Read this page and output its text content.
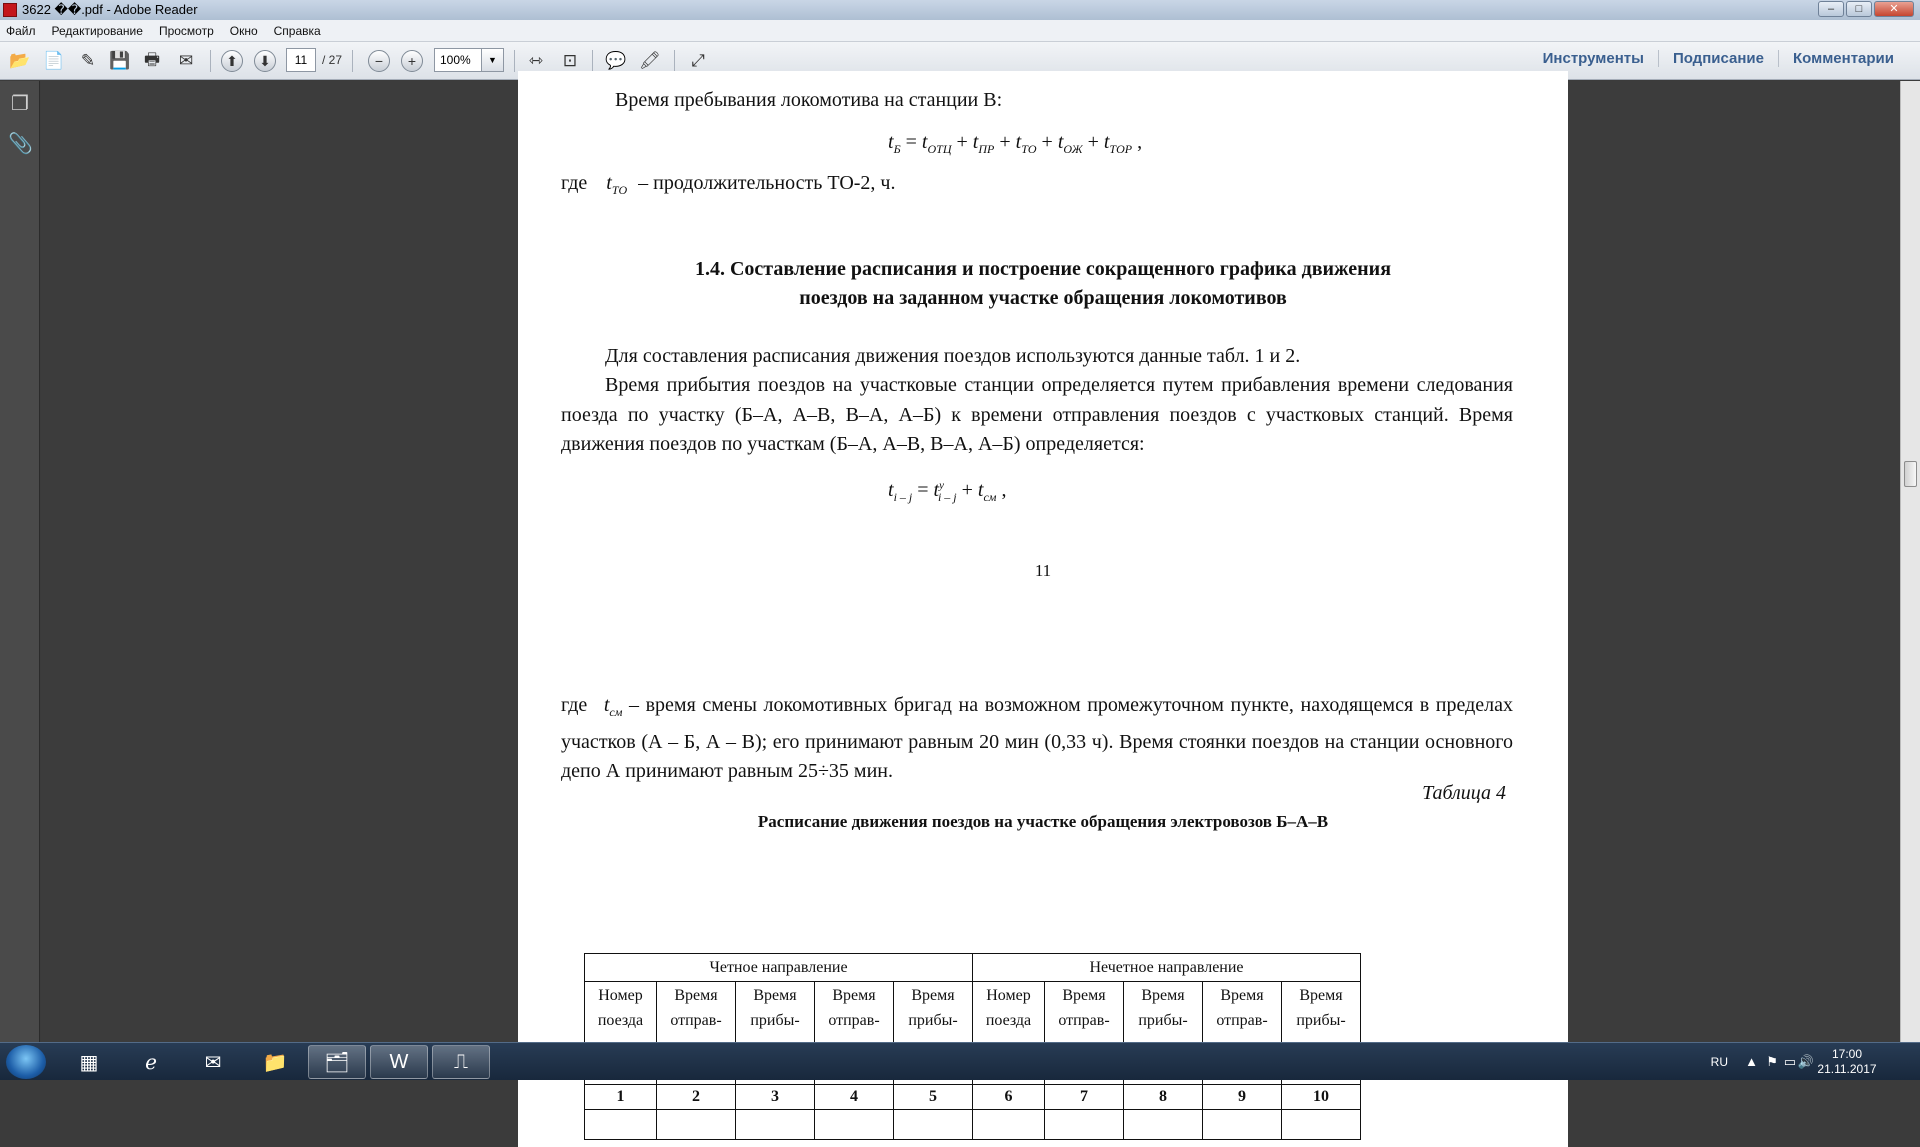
3622 ��.pdf - Adobe Reader	–	□	✕
Файл Редактирование Просмотр Окно Справка
📂 📄 ✎ 💾 🖶 ✉	⬆	⬇	−	+	⇿ ⊡ 💬 🖍	⤢
11	/ 27	100%	▼	Инструменты	Подписание	Комментарии
❐
📎
Время пребывания локомотива на станции В:
$t_Б = t_{ОТЦ} + t_{ПР} + t_{ТО} + t_{ОЖ} + t_{ТОР}$ ,
где $t_{ТО}$ – продолжительность ТО-2, ч.
1.4. Составление расписания и построение сокращенного графика движения
поездов на заданном участке обращения локомотивов
Для составления расписания движения поездов используются данные табл. 1 и 2.
Время прибытия поездов на участковые станции определяется путем прибавления времени следования поезда по участку (Б–А, А–В, В–А, А–Б) к времени отправления поездов с участковых станций. Время движения поездов по участкам (Б–А, А–В, В–А, А–Б) определяется:
$t_{i - j} = t^у_{i - j} + t_{см}$ ,
11
где $t_{см}$ – время смены локомотивных бригад на возможном промежуточном пункте, находящемся в пределах участков (А – Б, А – В); его принимают равным 20 мин (0,33 ч). Время стоянки поездов на станции основного депо А принимают равным 25÷35 мин.
Таблица 4
Расписание движения поездов на участке обращения электровозов Б–А–В
Четное направление					Нечетное направление				
Номер поезда	Время отправ-	Время прибы-	Время отправ-	Время прибы-	Номер поезда	Время отправ-	Время прибы-	Время отправ-	Время прибы-
1	2	3	4	5	6	7	8	9	10

▦	ℯ	✉	📁	🗂	W	⎍	RU ▲ ⚑ ▭ 🔊	17:00
21.11.2017
